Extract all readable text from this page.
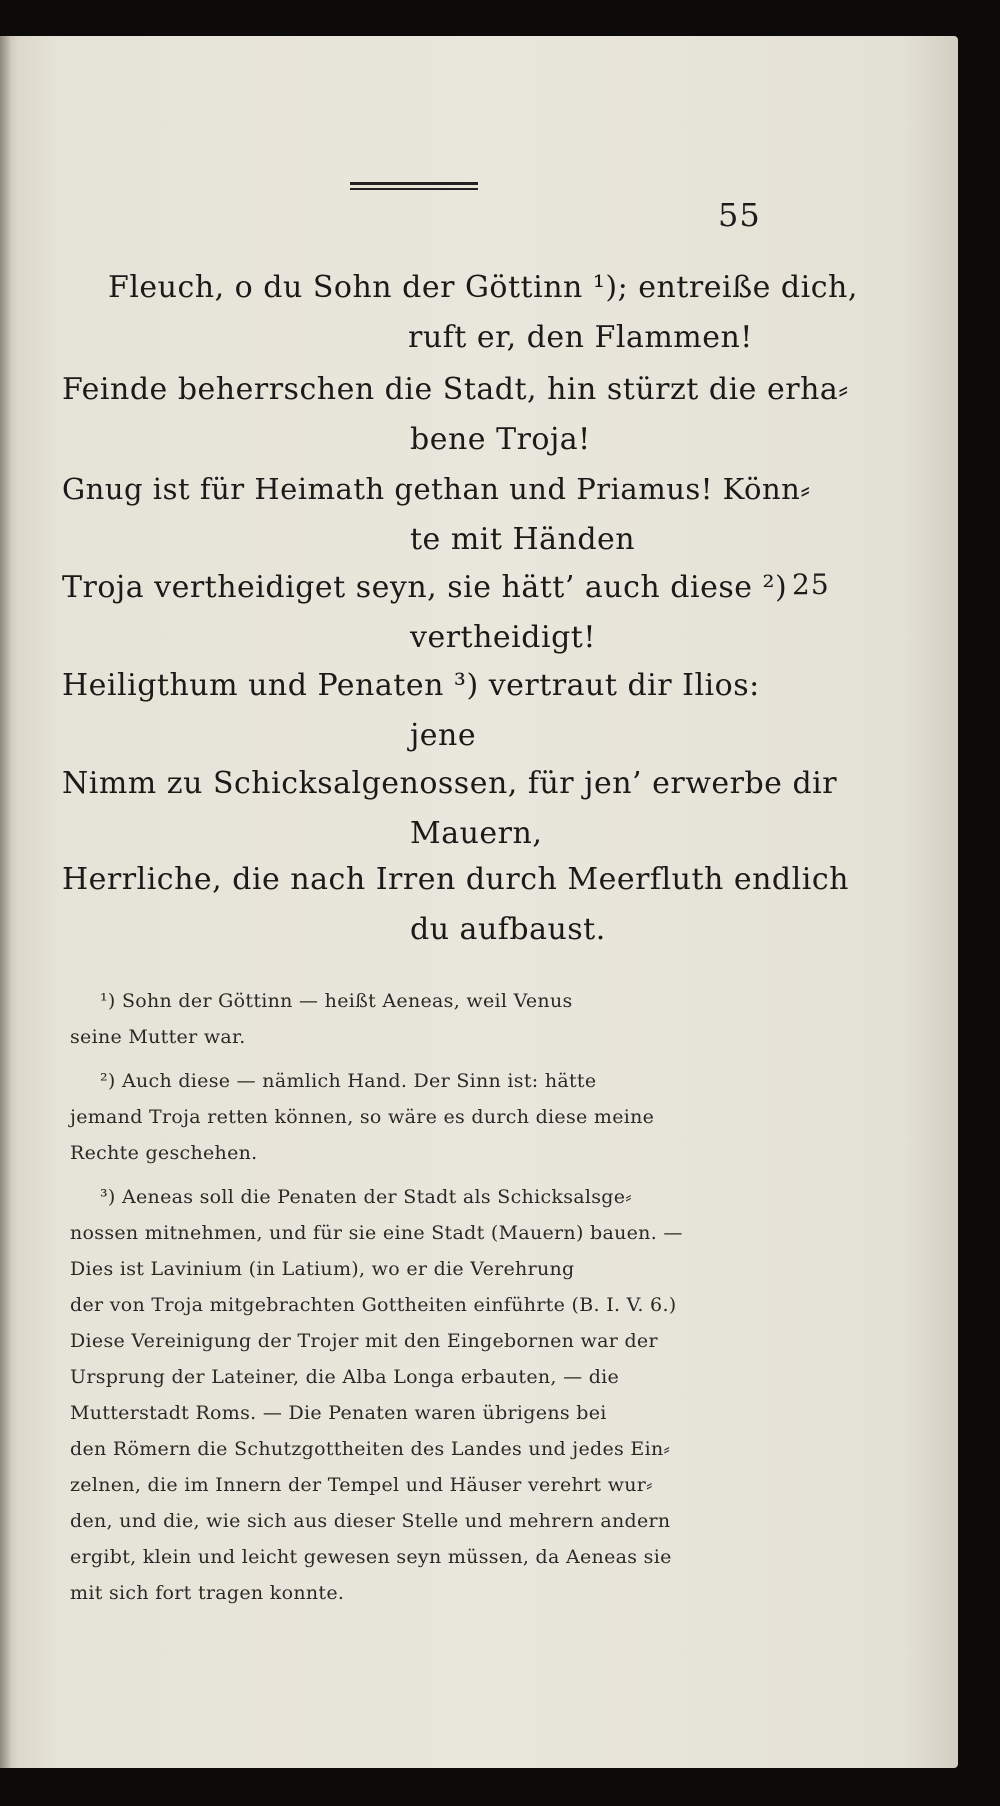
55
Fleuch, o du Sohn der Göttinn ¹); entreiße dich,
ruft er, den Flammen!
Feinde beherrschen die Stadt, hin stürzt die erha⸗
bene Troja!
Gnug ist für Heimath gethan und Priamus! Könn⸗
te mit Händen
Troja vertheidiget seyn, sie hätt’ auch diese ²) 25
vertheidigt!
Heiligthum und Penaten ³) vertraut dir Ilios:
jene
Nimm zu Schicksalgenossen, für jen’ erwerbe dir
Mauern,
Herrliche, die nach Irren durch Meerfluth endlich
du aufbaust.
¹) Sohn der Göttinn — heißt Aeneas, weil Venus
seine Mutter war.
²) Auch diese — nämlich Hand. Der Sinn ist: hätte
jemand Troja retten können, so wäre es durch diese meine
Rechte geschehen.
³) Aeneas soll die Penaten der Stadt als Schicksalsge⸗
nossen mitnehmen, und für sie eine Stadt (Mauern) bauen. —
Dies ist Lavinium (in Latium), wo er die Verehrung
der von Troja mitgebrachten Gottheiten einführte (B. I. V. 6.)
Diese Vereinigung der Trojer mit den Eingebornen war der
Ursprung der Lateiner, die Alba Longa erbauten, — die
Mutterstadt Roms. — Die Penaten waren übrigens bei
den Römern die Schutzgottheiten des Landes und jedes Ein⸗
zelnen, die im Innern der Tempel und Häuser verehrt wur⸗
den, und die, wie sich aus dieser Stelle und mehrern andern
ergibt, klein und leicht gewesen seyn müssen, da Aeneas sie
mit sich fort tragen konnte.
